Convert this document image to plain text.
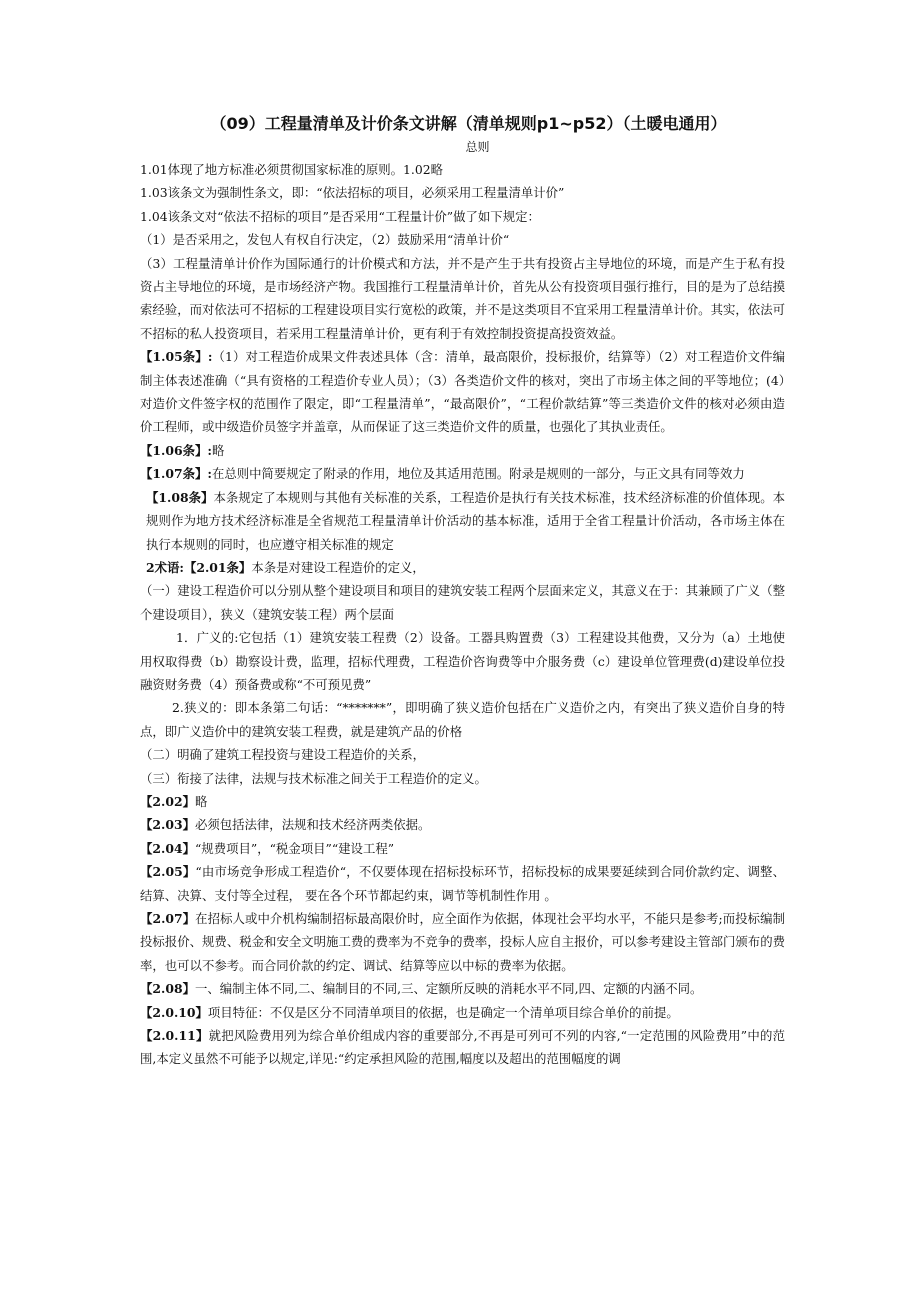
（09）工程量清单及计价条文讲解（清单规则p1~p52）（土暖电通用）
总则

1.01体现了地方标准必须贯彻国家标准的原则。1.02略

1.03该条文为强制性条文，即：“依法招标的项目，必须采用工程量清单计价”

1.04该条文对“依法不招标的项目”是否采用“工程量计价”做了如下规定：

（1）是否采用之，发包人有权自行决定，（2）鼓励采用“清单计价“

（3）工程量清单计价作为国际通行的计价模式和方法，并不是产生于共有投资占主导地位的环境，而是产生于私有投资占主导地位的环境，是市场经济产物。我国推行工程量清单计价，首先从公有投资项目强行推行，目的是为了总结摸索经验，而对依法可不招标的工程建设项目实行宽松的政策，并不是这类项目不宜采用工程量清单计价。其实，依法可不招标的私人投资项目，若采用工程量清单计价，更有利于有效控制投资提高投资效益。

【1.05条】:（1）对工程造价成果文件表述具体（含：清单，最高限价，投标报价，结算等）（2）对工程造价文件编制主体表述准确（“具有资格的工程造价专业人员）；（3）各类造价文件的核对，突出了市场主体之间的平等地位；(4）对造价文件签字权的范围作了限定，即“工程量清单”，“最高限价”，“工程价款结算”等三类造价文件的核对必须由造价工程师，或中级造价员签字并盖章，从而保证了这三类造价文件的质量，也强化了其执业责任。

【1.06条】:略

【1.07条】:在总则中简要规定了附录的作用，地位及其适用范围。附录是规则的一部分，与正文具有同等效力

【1.08条】本条规定了本规则与其他有关标准的关系，工程造价是执行有关技术标准，技术经济标准的价值体现。本规则作为地方技术经济标准是全省规范工程量清单计价活动的基本标准，适用于全省工程量计价活动，各市场主体在执行本规则的同时，也应遵守相关标准的规定

2术语:【2.01条】本条是对建设工程造价的定义，

（一）建设工程造价可以分别从整个建设项目和项目的建筑安装工程两个层面来定义，其意义在于：其兼顾了广义（整个建设项目），狭义（建筑安装工程）两个层面

1．广义的:它包括（1）建筑安装工程费（2）设备。工器具购置费（3）工程建设其他费，又分为（a）土地使用权取得费（b）勘察设计费，监理，招标代理费，工程造价咨询费等中介服务费（c）建设单位管理费(d)建设单位投融资财务费（4）预备费或称“不可预见费”

2.狭义的：即本条第二句话：“*******”，即明确了狭义造价包括在广义造价之内，有突出了狭义造价自身的特点，即广义造价中的建筑安装工程费，就是建筑产品的价格

（二）明确了建筑工程投资与建设工程造价的关系，

（三）衔接了法律，法规与技术标准之间关于工程造价的定义。

【2.02】略

【2.03】必须包括法律，法规和技术经济两类依据。

【2.04】“规费项目”，“税金项目”“建设工程”

【2.05】“由市场竞争形成工程造价“，不仅要体现在招标投标环节，招标投标的成果要延续到合同价款约定、调整、结算、决算、支付等全过程， 要在各个环节都起约束，调节等机制性作用 。

【2.07】在招标人或中介机构编制招标最高限价时，应全面作为依据，体现社会平均水平，不能只是参考;而投标编制投标报价、规费、税金和安全文明施工费的费率为不竞争的费率，投标人应自主报价，可以参考建设主管部门颁布的费率，也可以不参考。而合同价款的约定、调试、结算等应以中标的费率为依据。

【2.08】一、编制主体不同,二、编制目的不同,三、定额所反映的消耗水平不同,四、定额的内涵不同。

【2.0.10】项目特征：不仅是区分不同清单项目的依据，也是确定一个清单项目综合单价的前提。

【2.0.11】就把风险费用列为综合单价组成内容的重要部分,不再是可列可不列的内容,“一定范围的风险费用”中的范围,本定义虽然不可能予以规定,详见:“约定承担风险的范围,幅度以及超出的范围幅度的调
